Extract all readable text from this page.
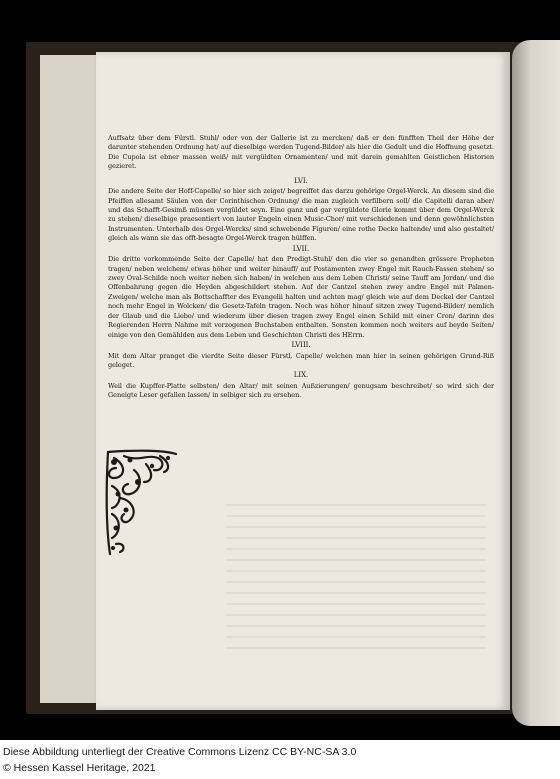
Auffsatz über dem Fürstl. Stuhl/ oder von der Gallerie ist zu mercken/ daß er den fünfften Theil der Höhe der darunter stehenden Ordnung hat/ auf dieselbige werden Tugend-Bilder/ als hier die Gedult und die Hoffnung gesetzt. Die Cupola ist ebner massen weiß/ mit vergüldten Ornamenten/ und mit darein gemahlten Geistlichen Historien gezieret.

LVI.

Die andere Seite der Hoff-Capelle/ so hier sich zeiget/ begreiffet das darzu gehörige Orgel-Werck. An diesem sind die Pfeiffen allesamt Säulen von der Corinthischen Ordnung/ die man zugleich verfilbern soll/ die Capitelli daran aber/ und das Schafft-Gesimß müssen vergüldet seyn. Eine ganz und gar vergüldete Glorie kommt über dem Orgel-Werck zu stehen/ dieselbige praesentiert von lauter Engeln einen Music-Chor/ mit verschiedenen und denn gewöhnlichsten Instrumenten. Unterhalb des Orgel-Wercks/ sind schwebende Figuren/ eine rothe Decke haltende/ und also gestaltet/ gleich als wann sie das offt-besagte Orgel-Werck tragen hülffen.

LVII.

Die dritte vorkommende Seite der Capelle/ hat den Predigt-Stuhl/ den die vier so genandten grössere Propheten tragen/ neben welchem/ etwas höher und weiter hinauff/ auf Postamenten zwey Engel mit Rauch-Fassen stehen/ so zwey Oval-Schilde noch weiter neben sich haben/ in welchen aus dem Leben Christi/ seine Tauff am Jordan/ und die Offenbahrung gegen die Heyden abgeschildert stehen. Auf der Cantzel stehen zwey andre Engel mit Palmen-Zweigen/ welche man als Bottschaffter des Evangelii halten und achten mag/ gleich wie auf dem Deckel der Cantzel noch mehr Engel in Wolcken/ die Gesetz-Tafeln tragen. Noch was höher hinauf sitzen zwey Tugend-Bilder/ nemlich der Glaub und die Liebe/ und wiederum über diesen tragen zwey Engel einen Schild mit einer Cron/ darinn des Regierenden Herrn Nahme mit verzogenen Buchstaben enthalten. Sonsten kommen noch weiters auf beyde Seiten/ einige von den Gemählden aus dem Leben und Geschichten Christi des HErrn.

LVIII.

Mit dem Altar pranget die vierdte Seite dieser Fürstl. Capelle/ welchen man hier in seinen gehörigen Grund-Riß geleget.

LIX.

Weil die Kupffer-Platte selbsten/ den Altar/ mit seinen Außzierungen/ genugsam beschreibet/ so wird sich der Geneigte Leser gefallen lassen/ in selbiger sich zu ersehen.

Diese Abbildung unterliegt der Creative Commons Lizenz CC BY-NC-SA 3.0
© Hessen Kassel Heritage, 2021
